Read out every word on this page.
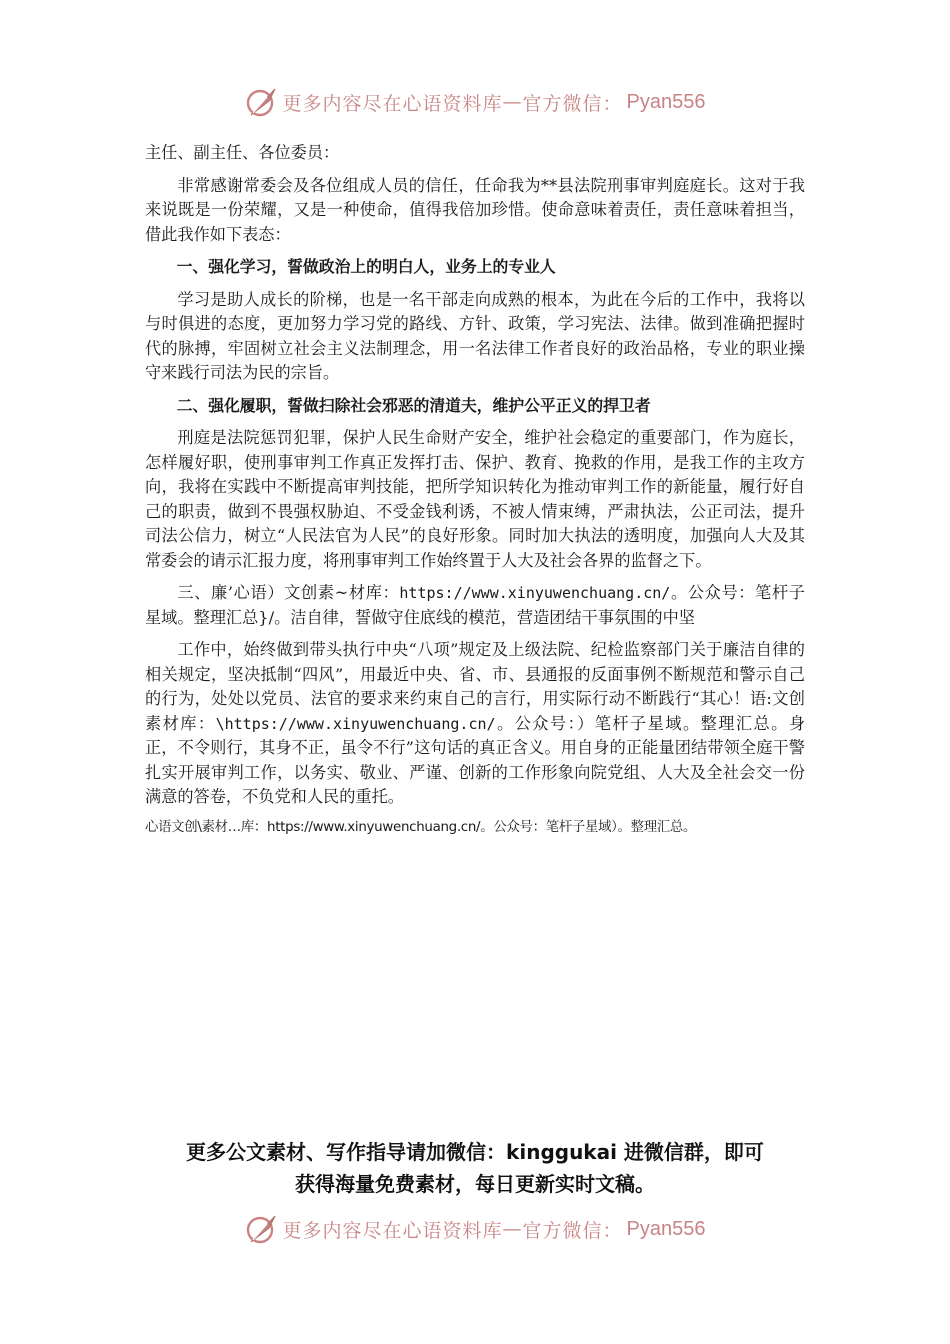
更多内容尽在心语资料库 — 官方微信： Pyan556

主任、副主任、各位委员：

非常感谢常委会及各位组成人员的信任，任命我为**县法院刑事审判庭庭长。这对于我来说既是一份荣耀，又是一种使命，值得我倍加珍惜。使命意味着责任，责任意味着担当，借此我作如下表态：

一、强化学习，誓做政治上的明白人，业务上的专业人

学习是助人成长的阶梯，也是一名干部走向成熟的根本，为此在今后的工作中，我将以与时俱进的态度，更加努力学习党的路线、方针、政策，学习宪法、法律。做到准确把握时代的脉搏，牢固树立社会主义法制理念，用一名法律工作者良好的政治品格，专业的职业操守来践行司法为民的宗旨。

二、强化履职，誓做扫除社会邪恶的清道夫，维护公平正义的捍卫者

刑庭是法院惩罚犯罪，保护人民生命财产安全，维护社会稳定的重要部门，作为庭长，怎样履好职，使刑事审判工作真正发挥打击、保护、教育、挽救的作用，是我工作的主攻方向，我将在实践中不断提高审判技能，把所学知识转化为推动审判工作的新能量，履行好自己的职责，做到不畏强权胁迫、不受金钱利诱，不被人情束缚，严肃执法，公正司法，提升司法公信力，树立“人民法官为人民”的良好形象。同时加大执法的透明度，加强向人大及其常委会的请示汇报力度，将刑事审判工作始终置于人大及社会各界的监督之下。

三、廉’心语）文创素~材库：https://www.xinyuwenchuang.cn/。公众号：笔杆子星域。整理汇总}/。洁自律，誓做守住底线的模范，营造团结干事氛围的中坚

工作中，始终做到带头执行中央“八项”规定及上级法院、纪检监察部门关于廉洁自律的相关规定，坚决抵制“四风”，用最近中央、省、市、县通报的反面事例不断规范和警示自己的行为，处处以党员、法官的要求来约束自己的言行，用实际行动不断践行“其心！语:文创素材库：\https://www.xinyuwenchuang.cn/。公众号：）笔杆子星域。整理汇总。身正，不令则行，其身不正，虽令不行”这句话的真正含义。用自身的正能量团结带领全庭干警扎实开展审判工作，以务实、敬业、严谨、创新的工作形象向院党组、人大及全社会交一份满意的答卷，不负党和人民的重托。

心语文创\素材…库：https://www.xinyuwenchuang.cn/。公众号：笔杆子星域）。整理汇总。

更多公文素材、写作指导请加微信：kinggukai 进微信群，即可
获得海量免费素材，每日更新实时文稿。
更多内容尽在心语资料库 — 官方微信： Pyan556
